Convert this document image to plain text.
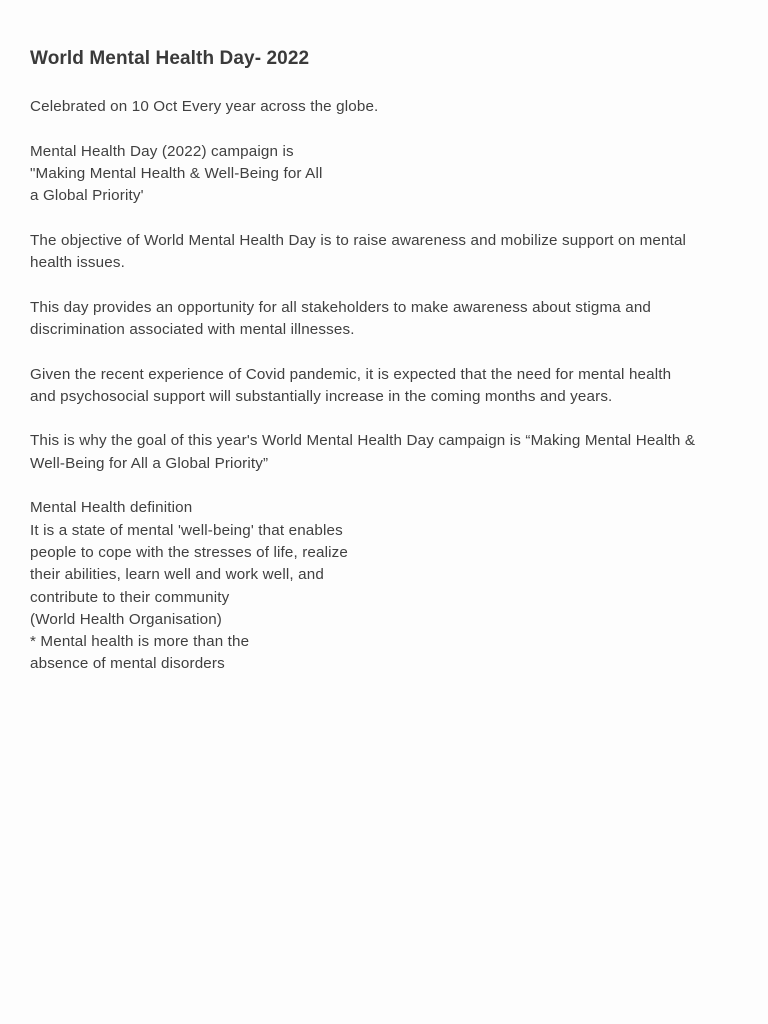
World Mental Health Day- 2022
Celebrated on 10 Oct Every year across the globe.
Mental Health Day (2022) campaign is
"Making Mental Health & Well-Being for All
a Global Priority'
The objective of World Mental Health Day is to raise awareness and mobilize support on mental
health issues.
This day provides an opportunity for all stakeholders to make awareness about stigma and
discrimination associated with mental illnesses.
Given the recent experience of Covid pandemic, it is expected that the need for mental health
and psychosocial support will substantially increase in the coming months and years.
This is why the goal of this year's World Mental Health Day campaign is “Making Mental Health &
Well-Being for All a Global Priority”
Mental Health definition
It is a state of mental 'well-being' that enables
people to cope with the stresses of life, realize
their abilities, learn well and work well, and
contribute to their community
(World Health Organisation)
* Mental health is more than the
absence of mental disorders
